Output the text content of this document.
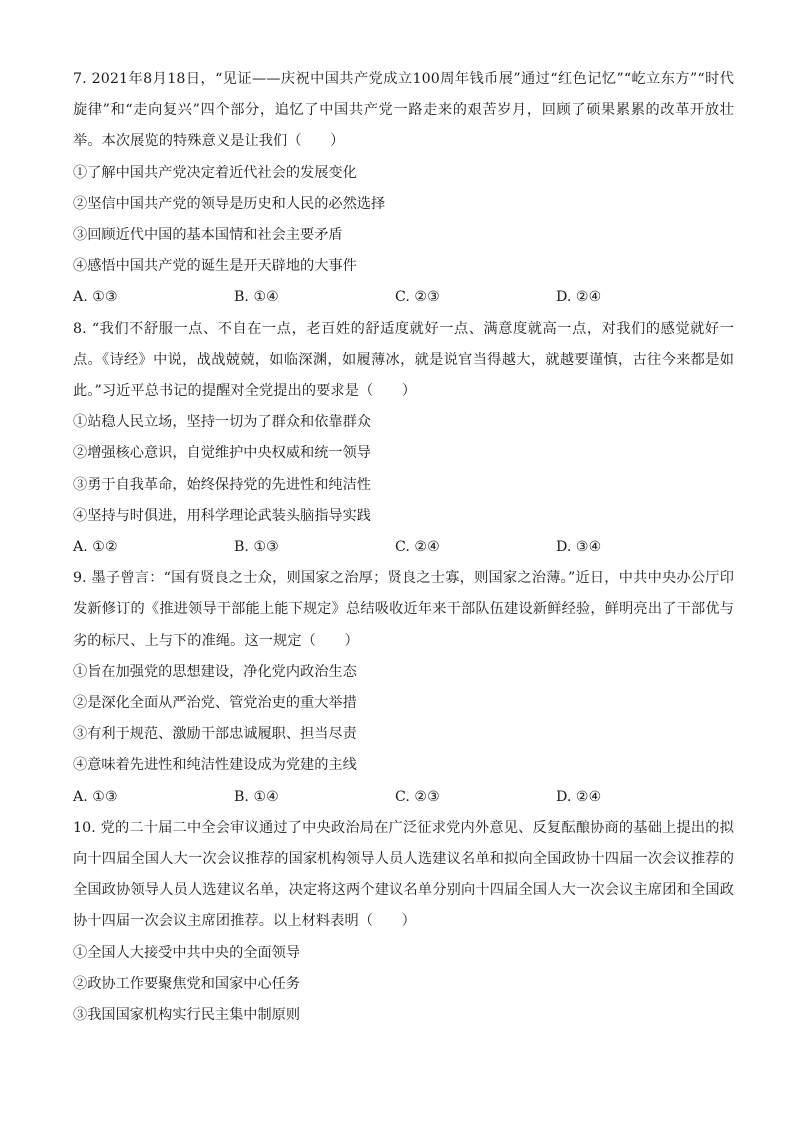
7. 2021年8月18日，“见证——庆祝中国共产党成立100周年钱币展”通过“红色记忆”“屹立东方”“时代旋律”和“走向复兴”四个部分，追忆了中国共产党一路走来的艰苦岁月，回顾了硕果累累的改革开放壮举。本次展览的特殊意义是让我们（　　）

①了解中国共产党决定着近代社会的发展变化

②坚信中国共产党的领导是历史和人民的必然选择

③回顾近代中国的基本国情和社会主要矛盾

④感悟中国共产党的诞生是开天辟地的大事件

A. ①③	B. ①④	C. ②③	D. ②④

8. “我们不舒服一点、不自在一点，老百姓的舒适度就好一点、满意度就高一点，对我们的感觉就好一点。《诗经》中说，战战兢兢，如临深渊，如履薄冰，就是说官当得越大，就越要谨慎，古往今来都是如此。”习近平总书记的提醒对全党提出的要求是（　　）

①站稳人民立场，坚持一切为了群众和依靠群众

②增强核心意识，自觉维护中央权威和统一领导

③勇于自我革命，始终保持党的先进性和纯洁性

④坚持与时俱进，用科学理论武装头脑指导实践

A. ①②	B. ①③	C. ②④	D. ③④

9. 墨子曾言：“国有贤良之士众，则国家之治厚；贤良之士寡，则国家之治薄。”近日，中共中央办公厅印发新修订的《推进领导干部能上能下规定》总结吸收近年来干部队伍建设新鲜经验，鲜明亮出了干部优与劣的标尺、上与下的准绳。这一规定（　　）

①旨在加强党的思想建设，净化党内政治生态

②是深化全面从严治党、管党治吏的重大举措

③有利于规范、激励干部忠诚履职、担当尽责

④意味着先进性和纯洁性建设成为党建的主线

A. ①③	B. ①④	C. ②③	D. ②④

10. 党的二十届二中全会审议通过了中央政治局在广泛征求党内外意见、反复酝酿协商的基础上提出的拟向十四届全国人大一次会议推荐的国家机构领导人员人选建议名单和拟向全国政协十四届一次会议推荐的全国政协领导人员人选建议名单，决定将这两个建议名单分别向十四届全国人大一次会议主席团和全国政协十四届一次会议主席团推荐。以上材料表明（　　）

①全国人大接受中共中央的全面领导

②政协工作要聚焦党和国家中心任务

③我国国家机构实行民主集中制原则
